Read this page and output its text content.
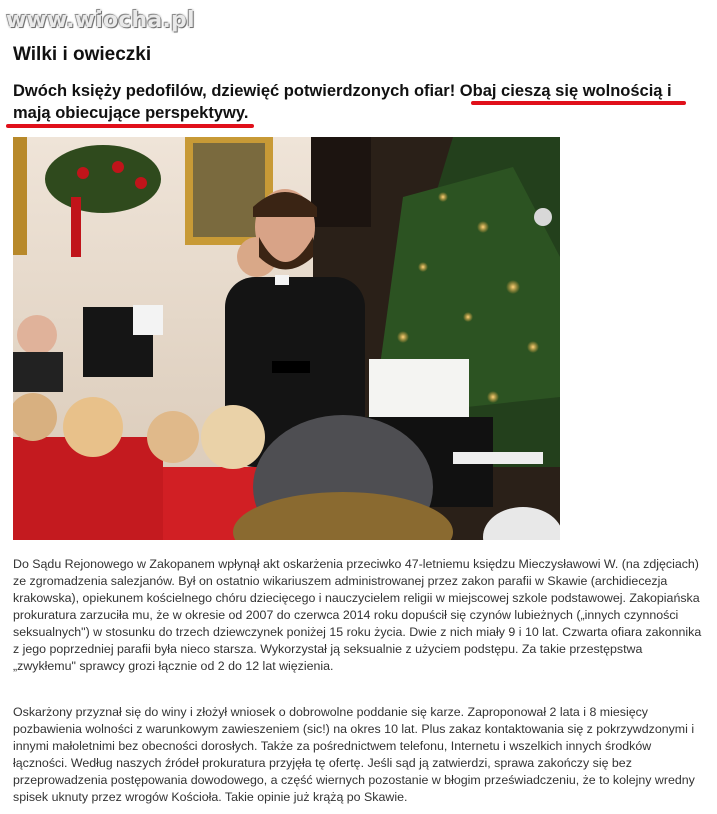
www.wiocha.pl
Wilki i owieczki
Dwóch księży pedofilów, dziewięć potwierdzonych ofiar! Obaj cieszą się wolnością i mają obiecujące perspektywy.

Do Sądu Rejonowego w Zakopanem wpłynął akt oskarżenia przeciwko 47-letniemu księdzu Mieczysławowi W. (na zdjęciach) ze zgromadzenia salezjanów. Był on ostatnio wikariuszem administrowanej przez zakon parafii w Skawie (archidiecezja krakowska), opiekunem kościelnego chóru dziecięcego i nauczycielem religii w miejscowej szkole podstawowej. Zakopiańska prokuratura zarzuciła mu, że w okresie od 2007 do czerwca 2014 roku dopuścił się czynów lubieżnych („innych czynności seksualnych") w stosunku do trzech dziewczynek poniżej 15 roku życia. Dwie z nich miały 9 i 10 lat. Czwarta ofiara zakonnika z jego poprzedniej parafii była nieco starsza. Wykorzystał ją seksualnie z użyciem podstępu. Za takie przestępstwa „zwykłemu" sprawcy grozi łącznie od 2 do 12 lat więzienia.

Oskarżony przyznał się do winy i złożył wniosek o dobrowolne poddanie się karze. Zaproponował 2 lata i 8 miesięcy pozbawienia wolności z warunkowym zawieszeniem (sic!) na okres 10 lat. Plus zakaz kontaktowania się z pokrzywdzonymi i innymi małoletnimi bez obecności dorosłych. Także za pośrednictwem telefonu, Internetu i wszelkich innych środków łączności. Według naszych źródeł prokuratura przyjęła tę ofertę. Jeśli sąd ją zatwierdzi, sprawa zakończy się bez przeprowadzenia postępowania dowodowego, a część wiernych pozostanie w błogim przeświadczeniu, że to kolejny wredny spisek uknuty przez wrogów Kościoła. Takie opinie już krążą po Skawie.
